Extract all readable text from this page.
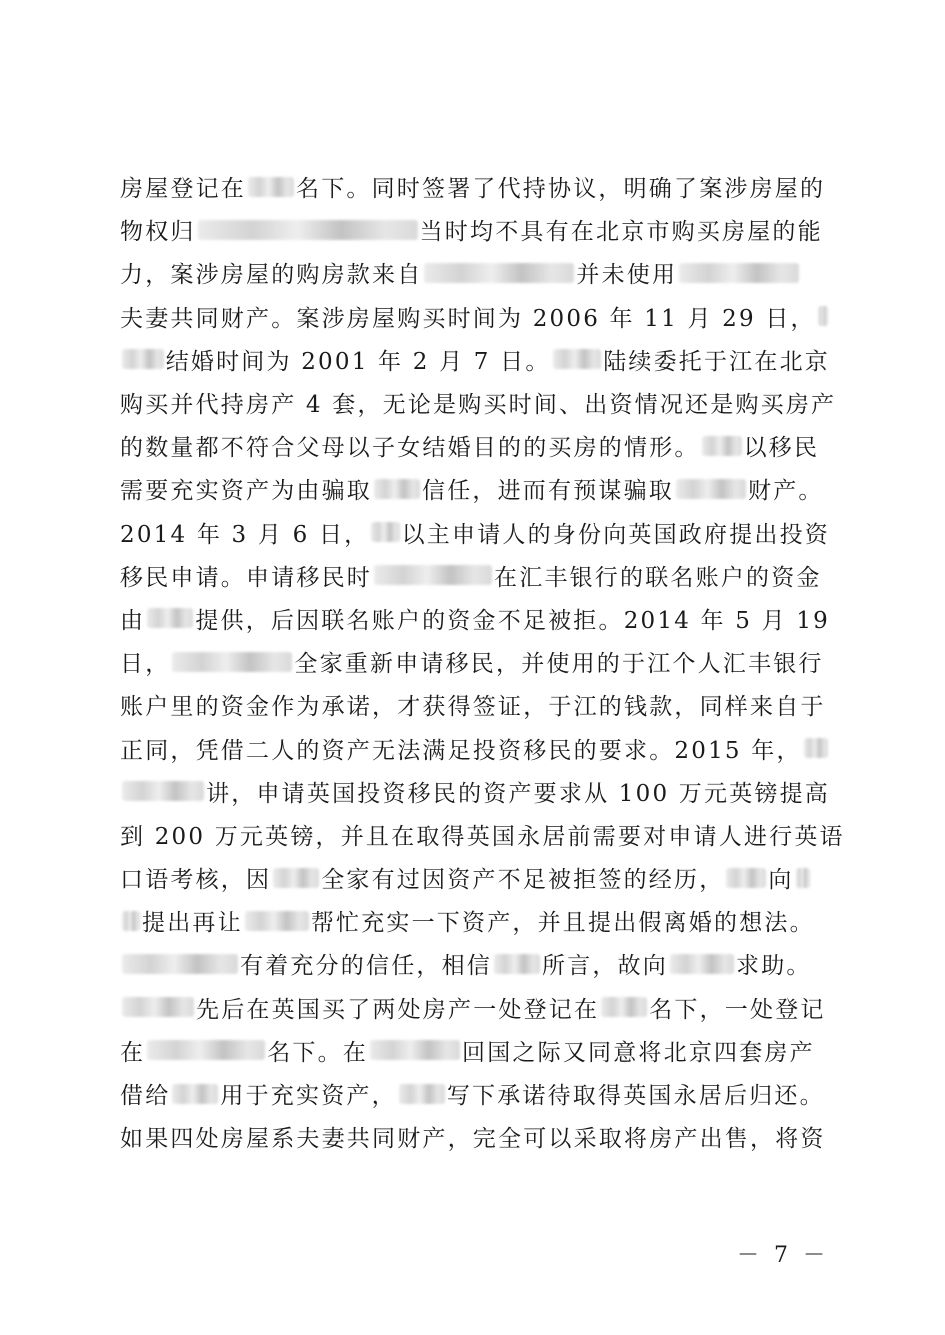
房屋登记在 名下。同时签署了代持协议，明确了案涉房屋的
物权归	当时均不具有在北京市购买房屋的能
力，案涉房屋的购房款来自	并未使用
夫妻共同财产。案涉房屋购买时间为 2006 年 11 月 29 日，
结婚时间为 2001 年 2 月 7 日。 陆续委托于江在北京
购买并代持房产 4 套，无论是购买时间、出资情况还是购买房产
的数量都不符合父母以子女结婚目的的买房的情形。 以移民
需要充实资产为由骗取 信任，进而有预谋骗取	财产。
2014 年 3 月 6 日， 以主申请人的身份向英国政府提出投资
移民申请。申请移民时	在汇丰银行的联名账户的资金
由 提供，后因联名账户的资金不足被拒。2014 年 5 月 19
日，	全家重新申请移民，并使用的于江个人汇丰银行
账户里的资金作为承诺，才获得签证，于江的钱款，同样来自于
正同，凭借二人的资产无法满足投资移民的要求。2015 年，
讲，申请英国投资移民的资产要求从 100 万元英镑提高
到 200 万元英镑，并且在取得英国永居前需要对申请人进行英语
口语考核，因 全家有过因资产不足被拒签的经历， 向
提出再让	帮忙充实一下资产，并且提出假离婚的想法。
有着充分的信任，相信 所言，故向	求助。
先后在英国买了两处房产一处登记在 名下，一处登记
在	名下。在	回国之际又同意将北京四套房产
借给 用于充实资产， 写下承诺待取得英国永居后归还。
如果四处房屋系夫妻共同财产，完全可以采取将房产出售，将资
－ 7 －
